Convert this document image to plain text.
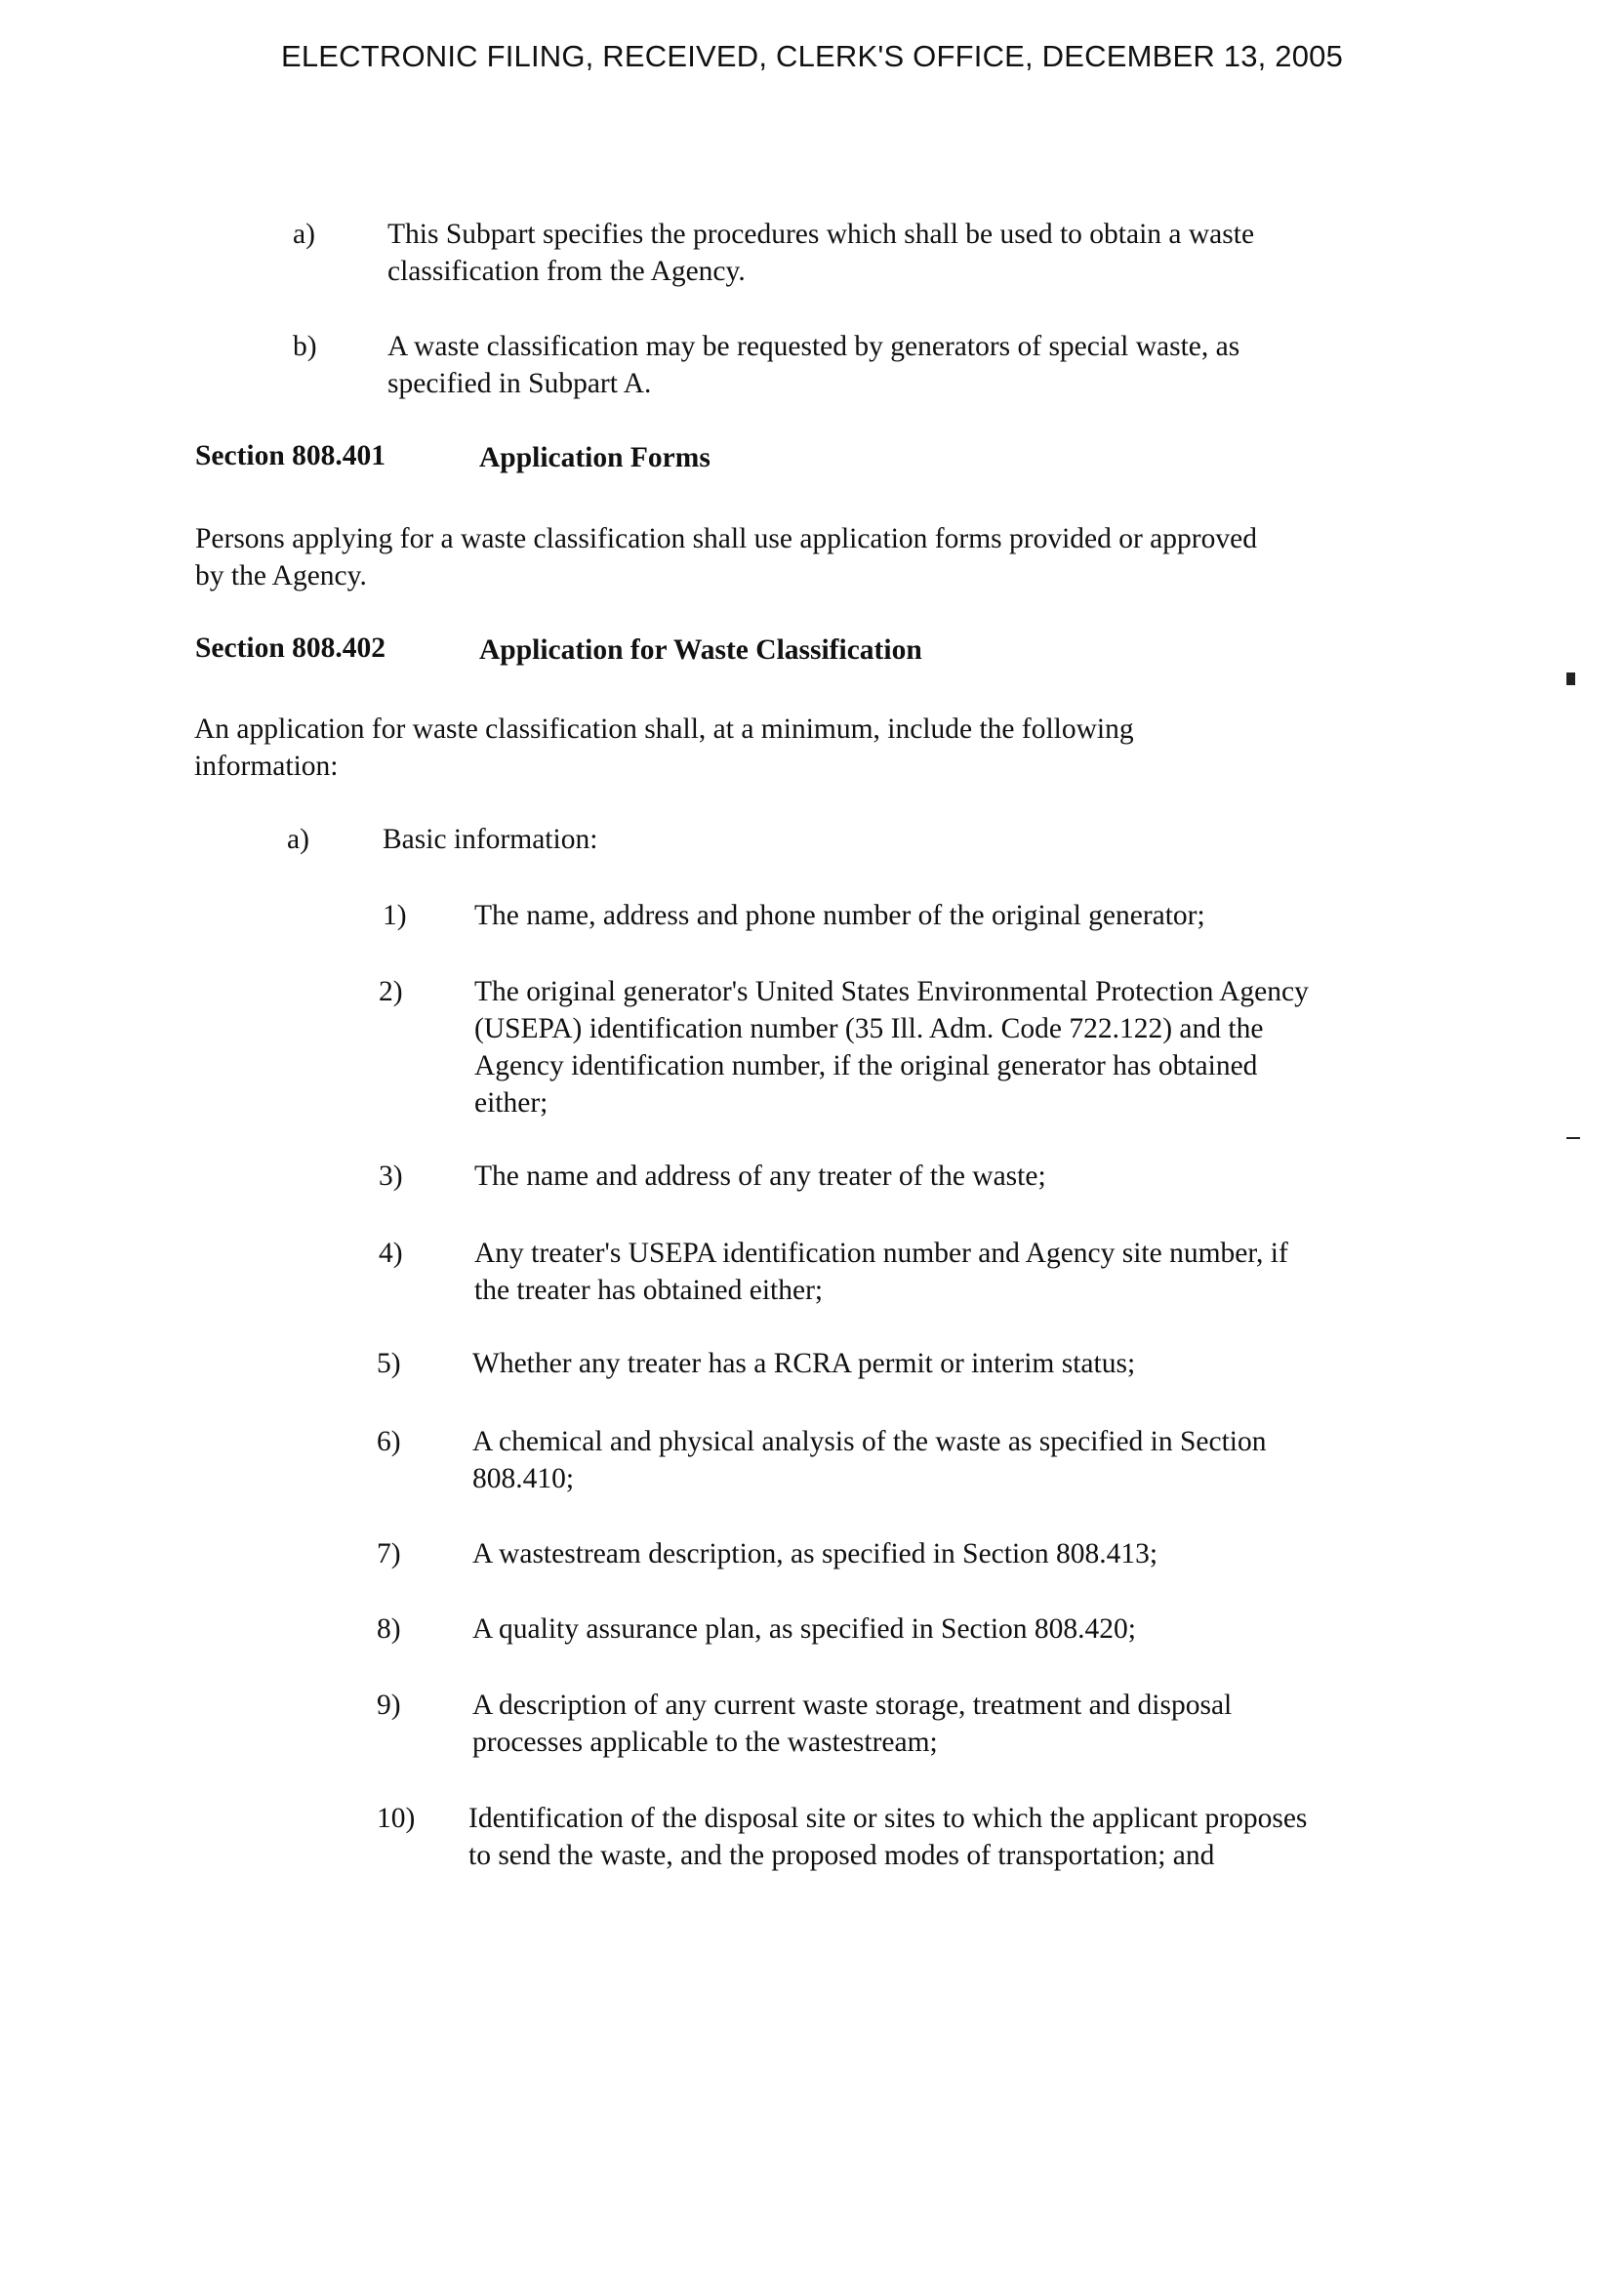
ELECTRONIC FILING, RECEIVED, CLERK'S OFFICE, DECEMBER 13, 2005
a)	This Subpart specifies the procedures which shall be used to obtain a waste classification from the Agency.
b) A waste classification may be requested by generators of special waste, as specified in Subpart A.
Section 808.401	Application Forms
Persons applying for a waste classification shall use application forms provided or approved by the Agency.
Section 808.402	Application for Waste Classification
An application for waste classification shall, at a minimum, include the following information:
a)	Basic information:
1) The name, address and phone number of the original generator;
2) The original generator's United States Environmental Protection Agency (USEPA) identification number (35 Ill. Adm. Code 722.122) and the Agency identification number, if the original generator has obtained either;
3) The name and address of any treater of the waste;
4) Any treater's USEPA identification number and Agency site number, if the treater has obtained either;
5) Whether any treater has a RCRA permit or interim status;
6) A chemical and physical analysis of the waste as specified in Section 808.410;
7) A wastestream description, as specified in Section 808.413;
8) A quality assurance plan, as specified in Section 808.420;
9) A description of any current waste storage, treatment and disposal processes applicable to the wastestream;
10) Identification of the disposal site or sites to which the applicant proposes to send the waste, and the proposed modes of transportation; and
